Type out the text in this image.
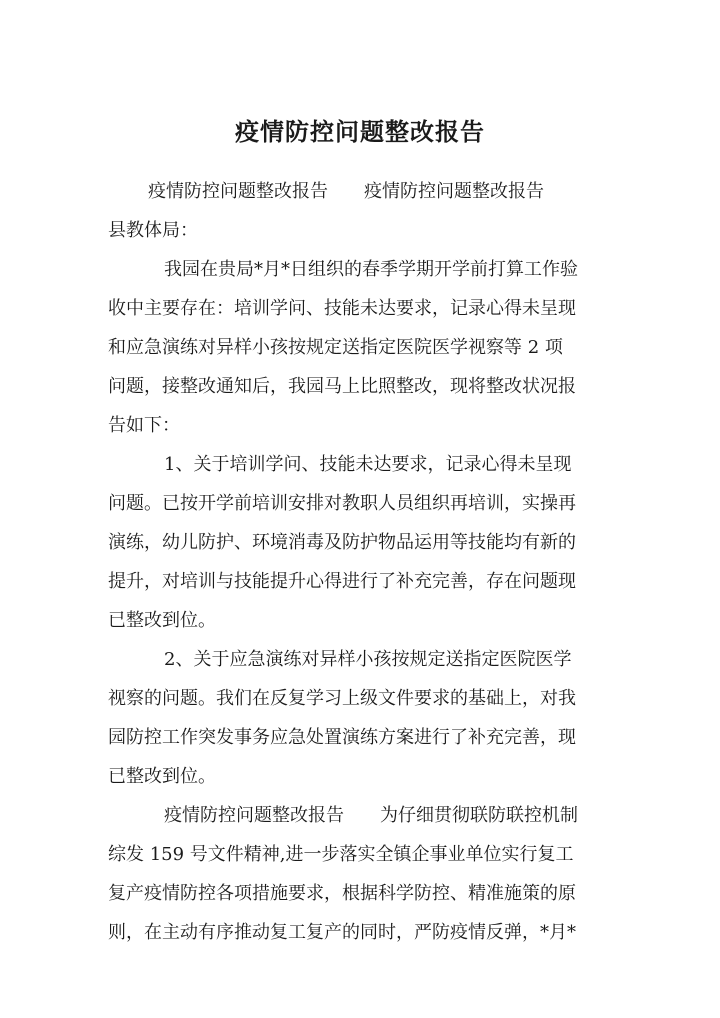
疫情防控问题整改报告
疫情防控问题整改报告　　疫情防控问题整改报告
县教体局：
我园在贵局*月*日组织的春季学期开学前打算工作验
收中主要存在：培训学问、技能未达要求，记录心得未呈现
和应急演练对异样小孩按规定送指定医院医学视察等 2 项
问题，接整改通知后，我园马上比照整改，现将整改状况报
告如下：
1、关于培训学问、技能未达要求，记录心得未呈现
问题。已按开学前培训安排对教职人员组织再培训，实操再
演练，幼儿防护、环境消毒及防护物品运用等技能均有新的
提升，对培训与技能提升心得进行了补充完善，存在问题现
已整改到位。
2、关于应急演练对异样小孩按规定送指定医院医学
视察的问题。我们在反复学习上级文件要求的基础上，对我
园防控工作突发事务应急处置演练方案进行了补充完善，现
已整改到位。
疫情防控问题整改报告　　为仔细贯彻联防联控机制
综发 159 号文件精神,进一步落实全镇企事业单位实行复工
复产疫情防控各项措施要求，根据科学防控、精准施策的原
则，在主动有序推动复工复产的同时，严防疫情反弹，*月*
